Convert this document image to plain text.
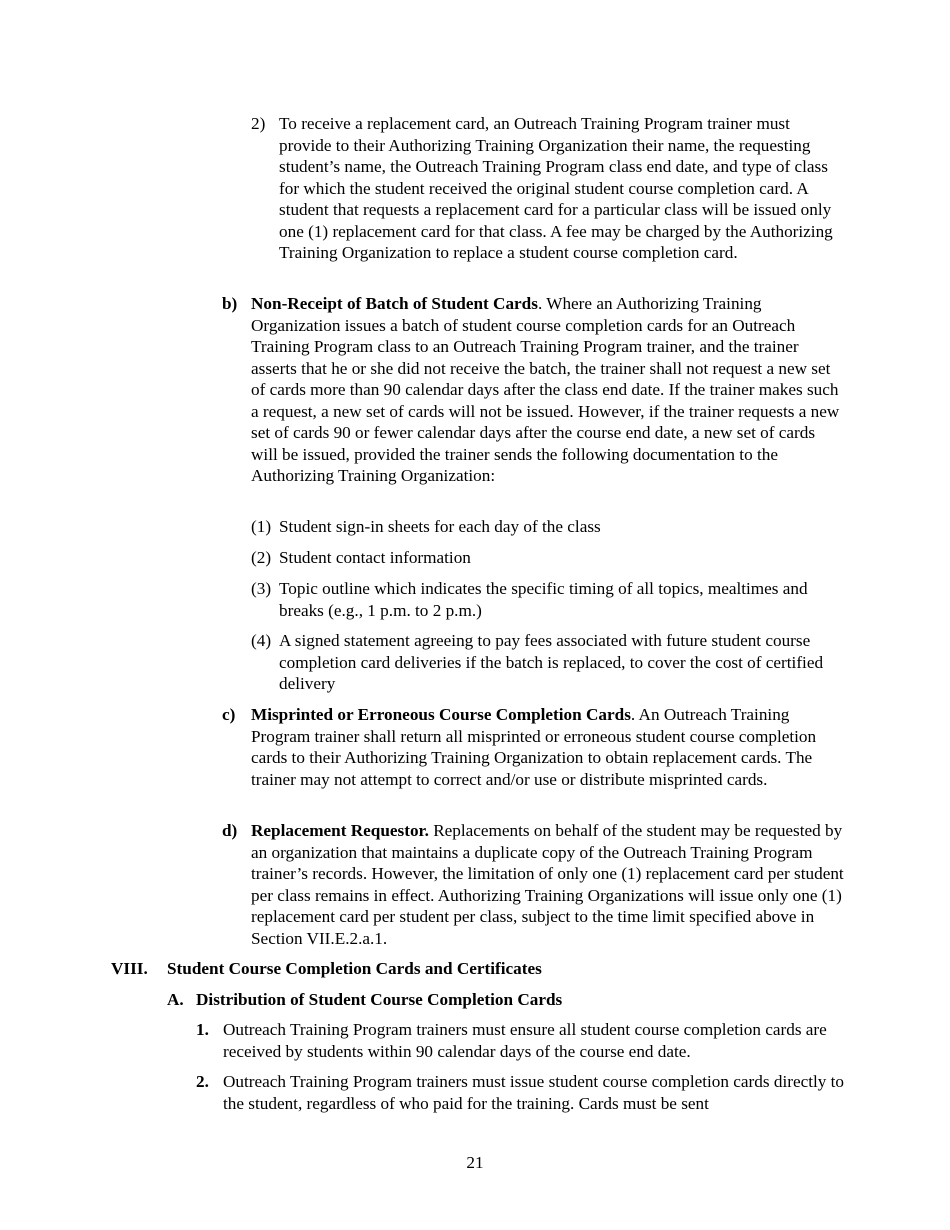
2) To receive a replacement card, an Outreach Training Program trainer must provide to their Authorizing Training Organization their name, the requesting student’s name, the Outreach Training Program class end date, and type of class for which the student received the original student course completion card. A student that requests a replacement card for a particular class will be issued only one (1) replacement card for that class. A fee may be charged by the Authorizing Training Organization to replace a student course completion card.
b) Non-Receipt of Batch of Student Cards. Where an Authorizing Training Organization issues a batch of student course completion cards for an Outreach Training Program class to an Outreach Training Program trainer, and the trainer asserts that he or she did not receive the batch, the trainer shall not request a new set of cards more than 90 calendar days after the class end date. If the trainer makes such a request, a new set of cards will not be issued. However, if the trainer requests a new set of cards 90 or fewer calendar days after the course end date, a new set of cards will be issued, provided the trainer sends the following documentation to the Authorizing Training Organization:
(1) Student sign-in sheets for each day of the class
(2) Student contact information
(3) Topic outline which indicates the specific timing of all topics, mealtimes and breaks (e.g., 1 p.m. to 2 p.m.)
(4) A signed statement agreeing to pay fees associated with future student course completion card deliveries if the batch is replaced, to cover the cost of certified delivery
c) Misprinted or Erroneous Course Completion Cards. An Outreach Training Program trainer shall return all misprinted or erroneous student course completion cards to their Authorizing Training Organization to obtain replacement cards. The trainer may not attempt to correct and/or use or distribute misprinted cards.
d) Replacement Requestor. Replacements on behalf of the student may be requested by an organization that maintains a duplicate copy of the Outreach Training Program trainer’s records. However, the limitation of only one (1) replacement card per student per class remains in effect. Authorizing Training Organizations will issue only one (1) replacement card per student per class, subject to the time limit specified above in Section VII.E.2.a.1.
VIII. Student Course Completion Cards and Certificates
A. Distribution of Student Course Completion Cards
1. Outreach Training Program trainers must ensure all student course completion cards are received by students within 90 calendar days of the course end date.
2. Outreach Training Program trainers must issue student course completion cards directly to the student, regardless of who paid for the training. Cards must be sent
21
